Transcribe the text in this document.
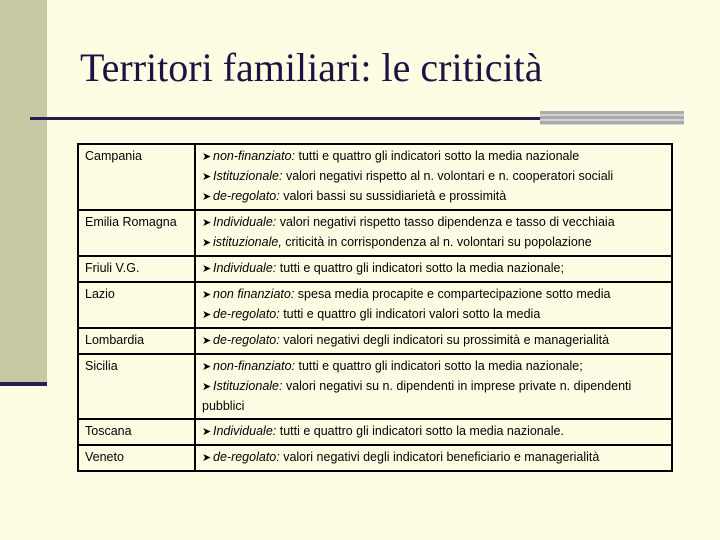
Territori familiari: le criticità
Campania	➤ non-finanziato: tutti e quattro gli indicatori sotto la media nazionale
➤ Istituzionale: valori negativi rispetto al n. volontari e n. cooperatori sociali
➤ de-regolato: valori bassi su sussidiarietà e prossimità

Emilia Romagna	➤ Individuale: valori negativi rispetto tasso dipendenza e tasso di vecchiaia
➤ istituzionale, criticità in corrispondenza al n. volontari su popolazione

Friuli V.G.	➤ Individuale: tutti e quattro gli indicatori sotto la media nazionale;

Lazio	➤ non finanziato: spesa media procapite e compartecipazione sotto media
➤ de-regolato: tutti e quattro gli indicatori valori sotto la media

Lombardia	➤ de-regolato: valori negativi degli indicatori su prossimità e managerialità

Sicilia	➤ non-finanziato: tutti e quattro gli indicatori sotto la media nazionale;
➤ Istituzionale: valori negativi su n. dipendenti in imprese private n. dipendenti pubblici

Toscana	➤ Individuale: tutti e quattro gli indicatori sotto la media nazionale.

Veneto	➤ de-regolato: valori negativi degli indicatori beneficiario e managerialità
